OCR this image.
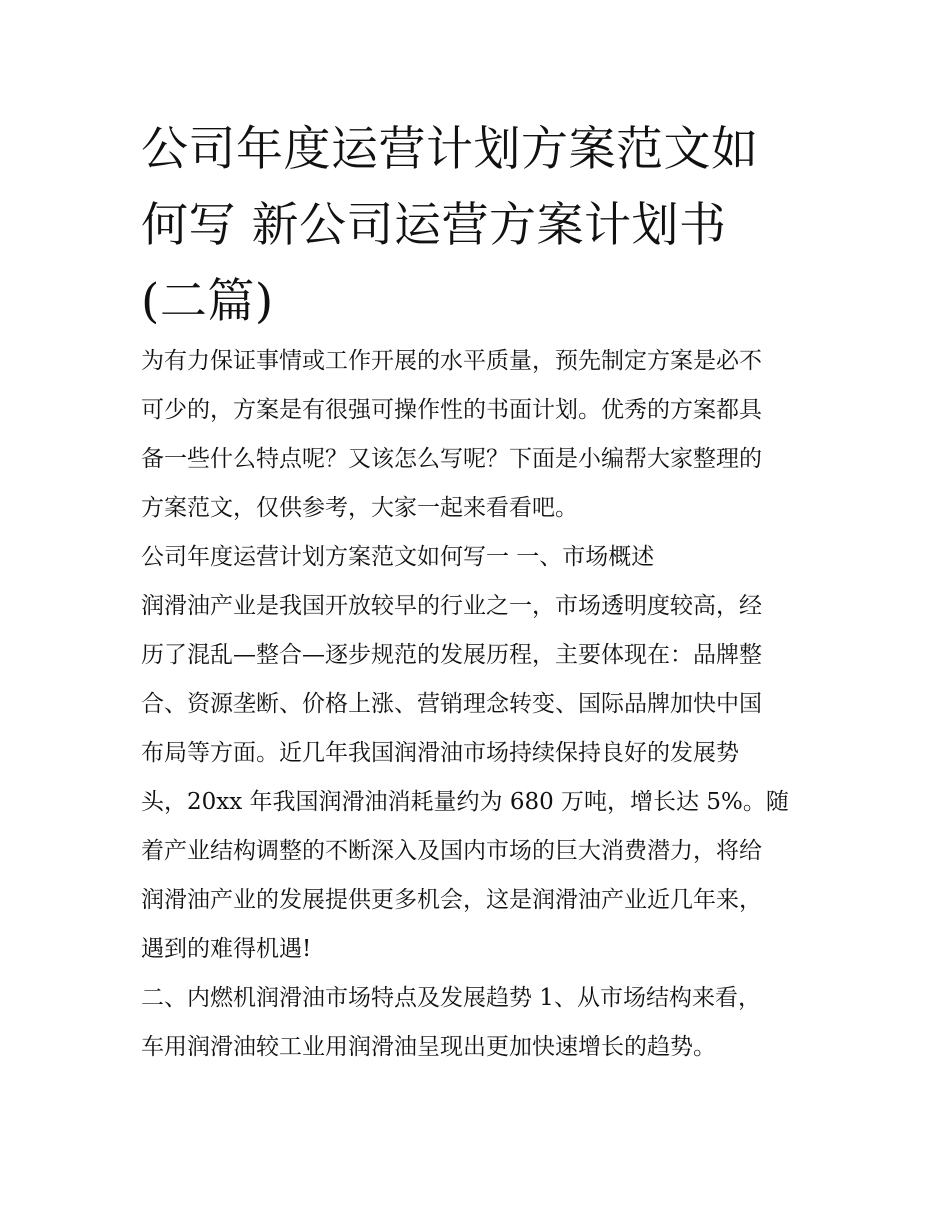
公司年度运营计划方案范文如
何写 新公司运营方案计划书
(二篇)
为有力保证事情或工作开展的水平质量，预先制定方案是必不
可少的，方案是有很强可操作性的书面计划。优秀的方案都具
备一些什么特点呢？又该怎么写呢？下面是小编帮大家整理的
方案范文，仅供参考，大家一起来看看吧。
公司年度运营计划方案范文如何写一 一、市场概述
润滑油产业是我国开放较早的行业之一，市场透明度较高，经
历了混乱—整合—逐步规范的发展历程，主要体现在：品牌整
合、资源垄断、价格上涨、营销理念转变、国际品牌加快中国
布局等方面。近几年我国润滑油市场持续保持良好的发展势
头，20xx 年我国润滑油消耗量约为 680 万吨，增长达 5%。随
着产业结构调整的不断深入及国内市场的巨大消费潜力，将给
润滑油产业的发展提供更多机会，这是润滑油产业近几年来，
遇到的难得机遇!
二、内燃机润滑油市场特点及发展趋势 1、从市场结构来看，
车用润滑油较工业用润滑油呈现出更加快速增长的趋势。
